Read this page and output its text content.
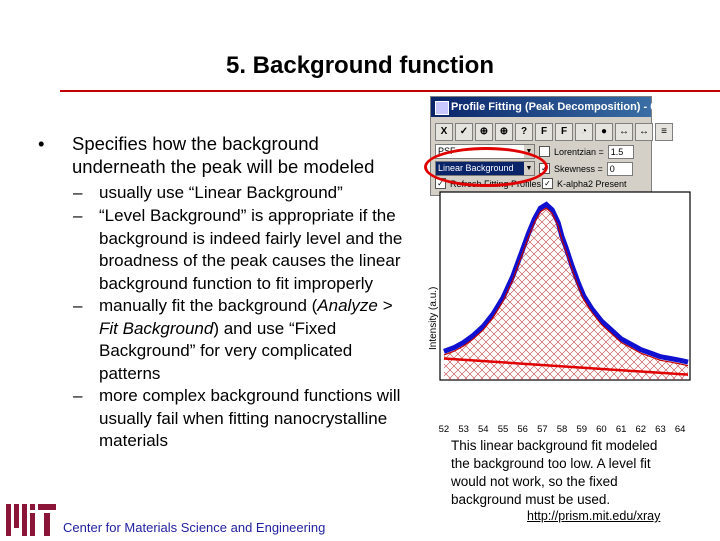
5. Background function
• Specifies how the background
underneath the peak will be modeled
– usually use “Linear Background”
– “Level Background” is appropriate if the
background is indeed fairly level and the
broadness of the peak causes the linear
background function to fit improperly
– manually fit the background (Analyze >
Fit Background) and use “Fixed
Background” for very complicated
patterns
– more complex background functions will
usually fail when fitting nanocrystalline
materials
Profile Fitting (Peak Decomposition) - 6 Pr
X	✓	⊕	⊕	?	F	F	◔	●	↔	↔	≡
PSF	▼ Lorentzian = 1.5
Linear Background ▼ ✓ Skewness = 0
✓ Refresh Fitting Profiles ✓ K-alpha2 Present
Intensity (a.u.)
52 53 54 55 56 57 58 59 60 61 62 63 64
This linear background fit modeled
the background too low. A level fit
would not work, so the fixed
background must be used.
Center for Materials Science and Engineering
http://prism.mit.edu/xray
